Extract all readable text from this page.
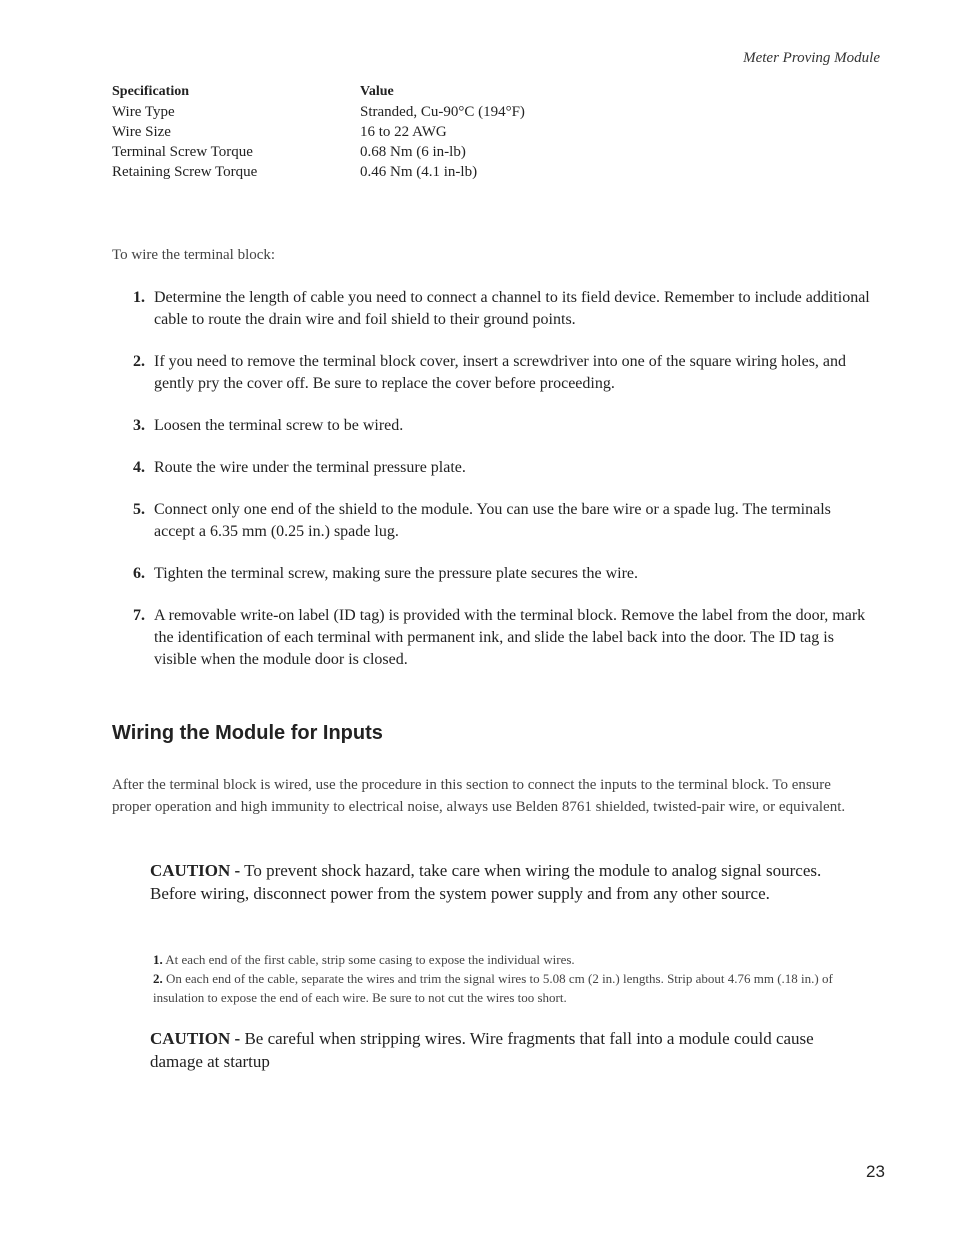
Meter Proving Module
Specification	Value
Wire Type	Stranded, Cu-90°C (194°F)
Wire Size	16 to 22 AWG
Terminal Screw Torque	0.68 Nm (6 in-lb)
Retaining Screw Torque	0.46 Nm (4.1 in-lb)
To wire the terminal block:
1. Determine the length of cable you need to connect a channel to its field device. Remember to include additional cable to route the drain wire and foil shield to their ground points.
2. If you need to remove the terminal block cover, insert a screwdriver into one of the square wiring holes, and gently pry the cover off. Be sure to replace the cover before proceeding.
3. Loosen the terminal screw to be wired.
4. Route the wire under the terminal pressure plate.
5. Connect only one end of the shield to the module. You can use the bare wire or a spade lug. The terminals accept a 6.35 mm (0.25 in.) spade lug.
6. Tighten the terminal screw, making sure the pressure plate secures the wire.
7. A removable write-on label (ID tag) is provided with the terminal block. Remove the label from the door, mark the identification of each terminal with permanent ink, and slide the label back into the door. The ID tag is visible when the module door is closed.
Wiring the Module for Inputs

After the terminal block is wired, use the procedure in this section to connect the inputs to the terminal block. To ensure proper operation and high immunity to electrical noise, always use Belden 8761 shielded, twisted-pair wire, or equivalent.

CAUTION - To prevent shock hazard, take care when wiring the module to analog signal sources. Before wiring, disconnect power from the system power supply and from any other source.

1. At each end of the first cable, strip some casing to expose the individual wires.
2. On each end of the cable, separate the wires and trim the signal wires to 5.08 cm (2 in.) lengths. Strip about 4.76 mm (.18 in.) of insulation to expose the end of each wire. Be sure to not cut the wires too short.

CAUTION - Be careful when stripping wires. Wire fragments that fall into a module could cause damage at startup

23
